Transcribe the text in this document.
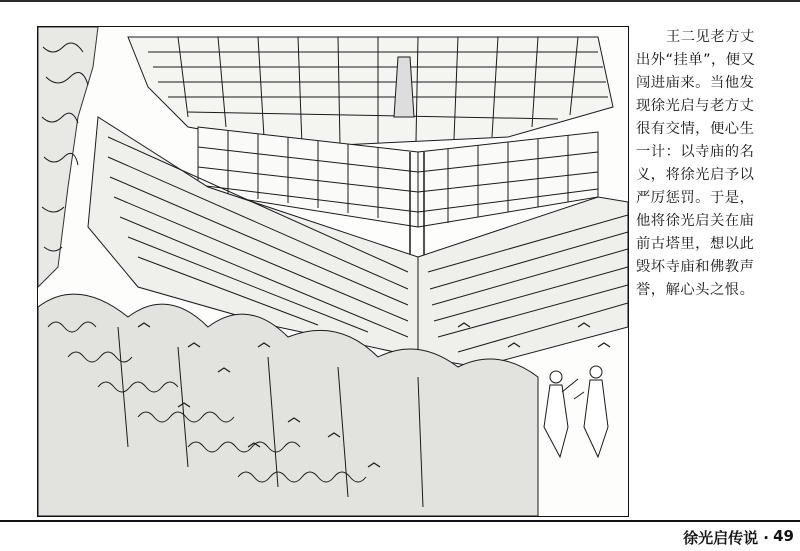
王二见老方丈
出外“挂单”，便又
闯进庙来。当他发
现徐光启与老方丈
很有交情，便心生
一计：以寺庙的名
义，将徐光启予以
严厉惩罚。于是，
他将徐光启关在庙
前古塔里，想以此
毁坏寺庙和佛教声
誉，解心头之恨。
徐光启传说 · 49
